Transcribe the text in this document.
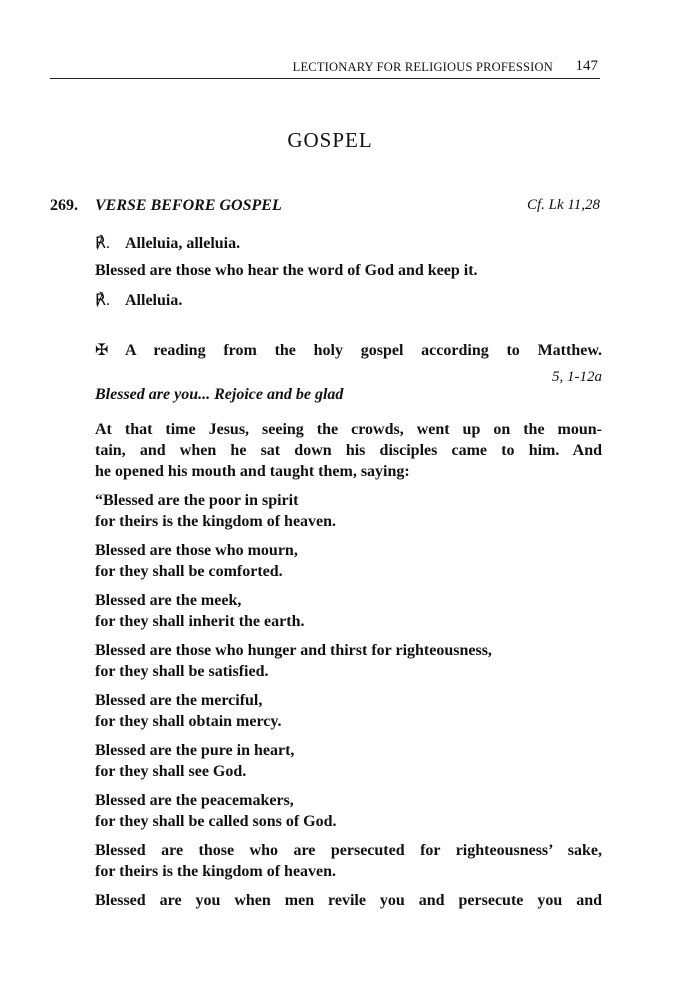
LECTIONARY FOR RELIGIOUS PROFESSION 147
GOSPEL
269. VERSE BEFORE GOSPEL	Cf. Lk 11,28
℟. Alleluia, alleluia.
Blessed are those who hear the word of God and keep it.
℟. Alleluia.
✠ A reading from the holy gospel according to Matthew.
5, 1-12a
Blessed are you... Rejoice and be glad
At that time Jesus, seeing the crowds, went up on the moun-
tain, and when he sat down his disciples came to him. And
he opened his mouth and taught them, saying:
“Blessed are the poor in spirit
for theirs is the kingdom of heaven.
Blessed are those who mourn,
for they shall be comforted.
Blessed are the meek,
for they shall inherit the earth.
Blessed are those who hunger and thirst for righteousness,
for they shall be satisfied.
Blessed are the merciful,
for they shall obtain mercy.
Blessed are the pure in heart,
for they shall see God.
Blessed are the peacemakers,
for they shall be called sons of God.
Blessed are those who are persecuted for righteousness’ sake,
for theirs is the kingdom of heaven.
Blessed are you when men revile you and persecute you and
